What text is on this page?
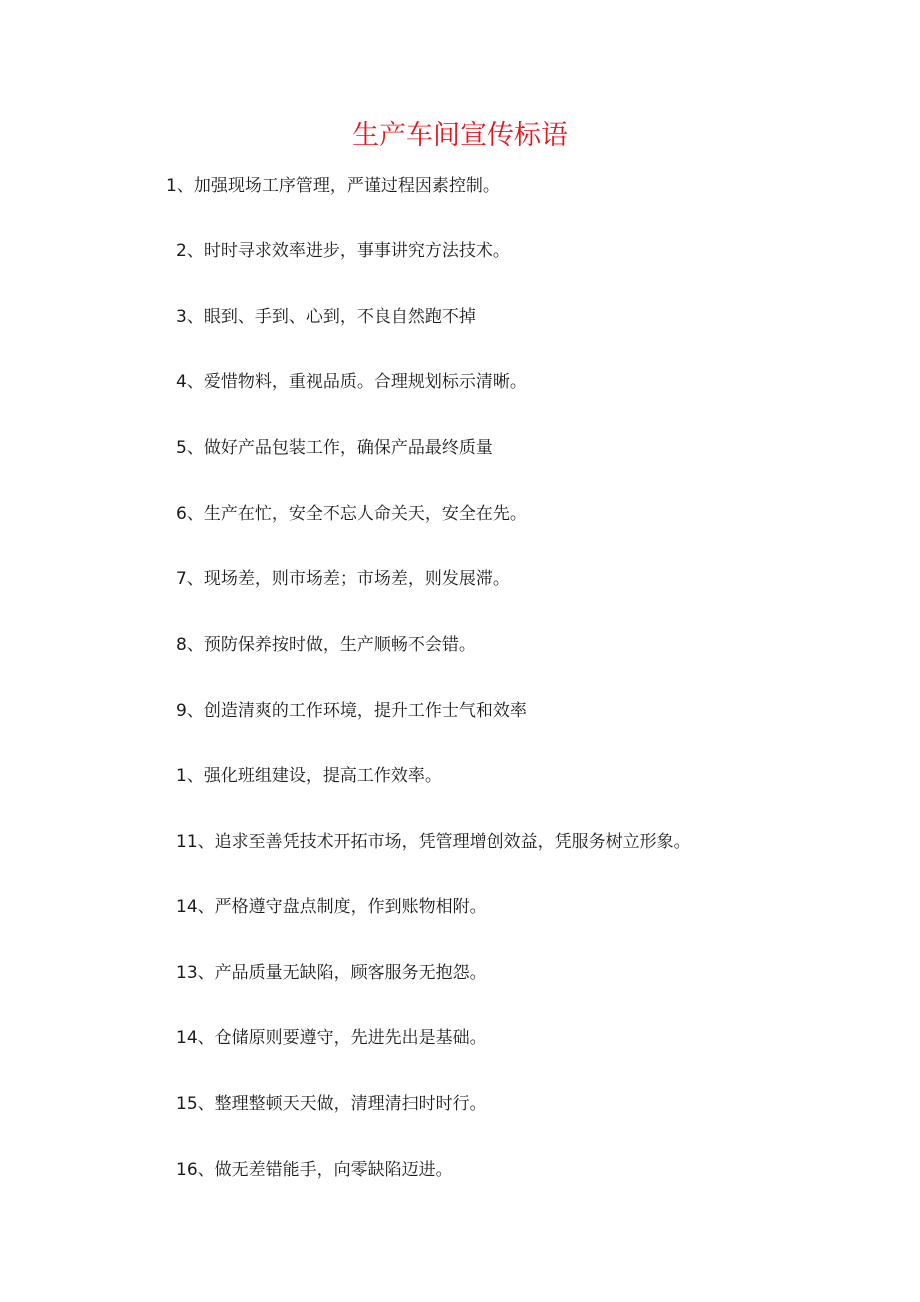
生产车间宣传标语
1、加强现场工序管理，严谨过程因素控制。
2、时时寻求效率进步，事事讲究方法技术。
3、眼到、手到、心到，不良自然跑不掉
4、爱惜物料，重视品质。合理规划标示清晰。
5、做好产品包装工作，确保产品最终质量
6、生产在忙，安全不忘人命关天，安全在先。
7、现场差，则市场差；市场差，则发展滞。
8、预防保养按时做，生产顺畅不会错。
9、创造清爽的工作环境，提升工作士气和效率
1、强化班组建设，提高工作效率。
11、追求至善凭技术开拓市场，凭管理增创效益，凭服务树立形象。
14、严格遵守盘点制度，作到账物相附。
13、产品质量无缺陷，顾客服务无抱怨。
14、仓储原则要遵守，先进先出是基础。
15、整理整顿天天做，清理清扫时时行。
16、做无差错能手，向零缺陷迈进。
